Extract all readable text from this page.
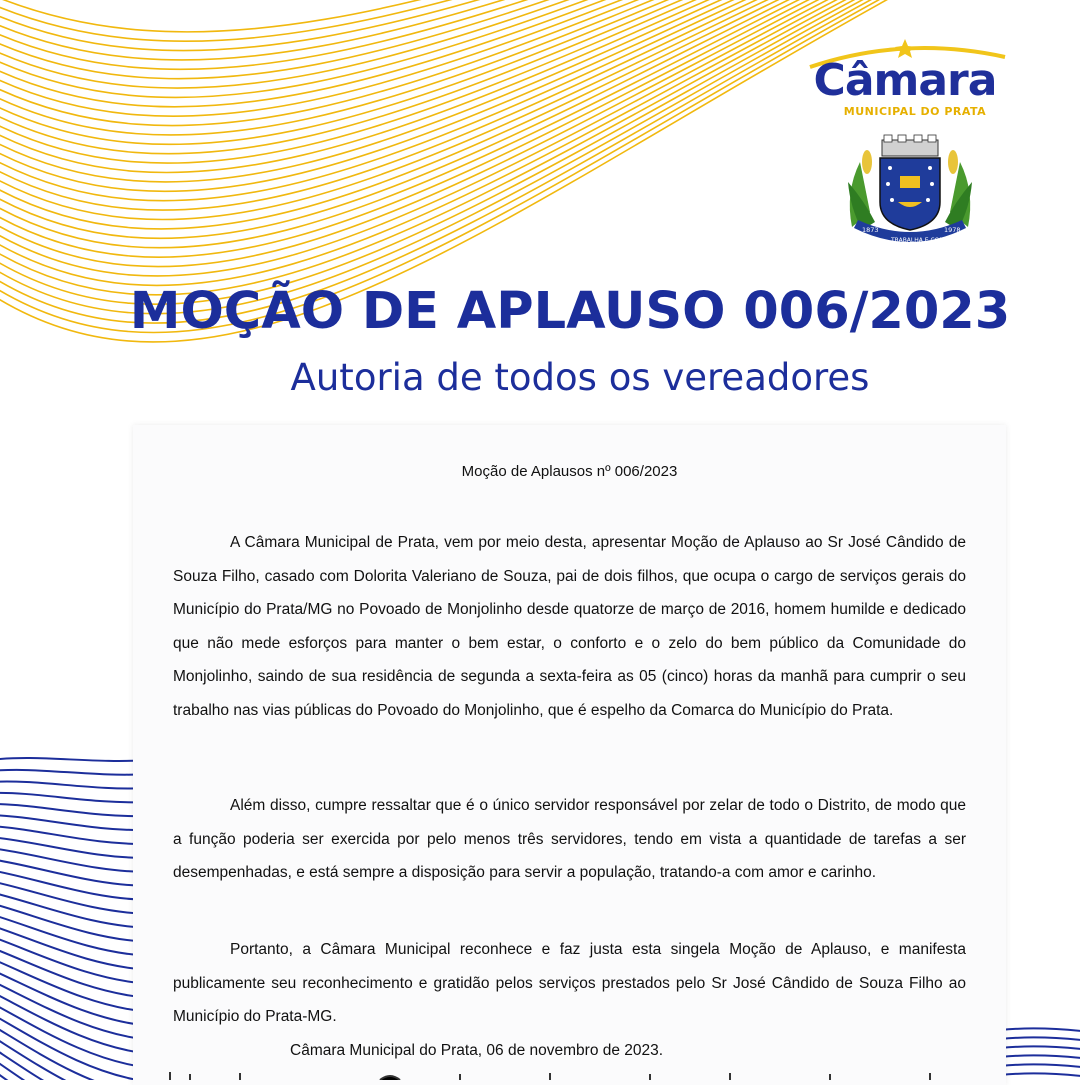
Câmara
MUNICIPAL DO PRATA
1873
TRABALHA E CONFIA
1978
MOÇÃO DE APLAUSO 006/2023
Autoria de todos os vereadores
Moção de Aplausos nº 006/2023

A Câmara Municipal de Prata, vem por meio desta, apresentar Moção de Aplauso ao Sr José Cândido de Souza Filho, casado com Dolorita Valeriano de Souza, pai de dois filhos, que ocupa o cargo de serviços gerais do Município do Prata/MG no Povoado de Monjolinho desde quatorze de março de 2016, homem humilde e dedicado que não mede esforços para manter o bem estar, o conforto e o zelo do bem público da Comunidade do Monjolinho, saindo de sua residência de segunda a sexta-feira as 05 (cinco) horas da manhã para cumprir o seu trabalho nas vias públicas do Povoado do Monjolinho, que é espelho da Comarca do Município do Prata.

Além disso, cumpre ressaltar que é o único servidor responsável por zelar de todo o Distrito, de modo que a função poderia ser exercida por pelo menos três servidores, tendo em vista a quantidade de tarefas a ser desempenhadas, e está sempre a disposição para servir a população, tratando-a com amor e carinho.

Portanto, a Câmara Municipal reconhece e faz justa esta singela Moção de Aplauso, e manifesta publicamente seu reconhecimento e gratidão pelos serviços prestados pelo Sr José Cândido de Souza Filho ao Município do Prata-MG.

Câmara Municipal do Prata, 06 de novembro de 2023.
